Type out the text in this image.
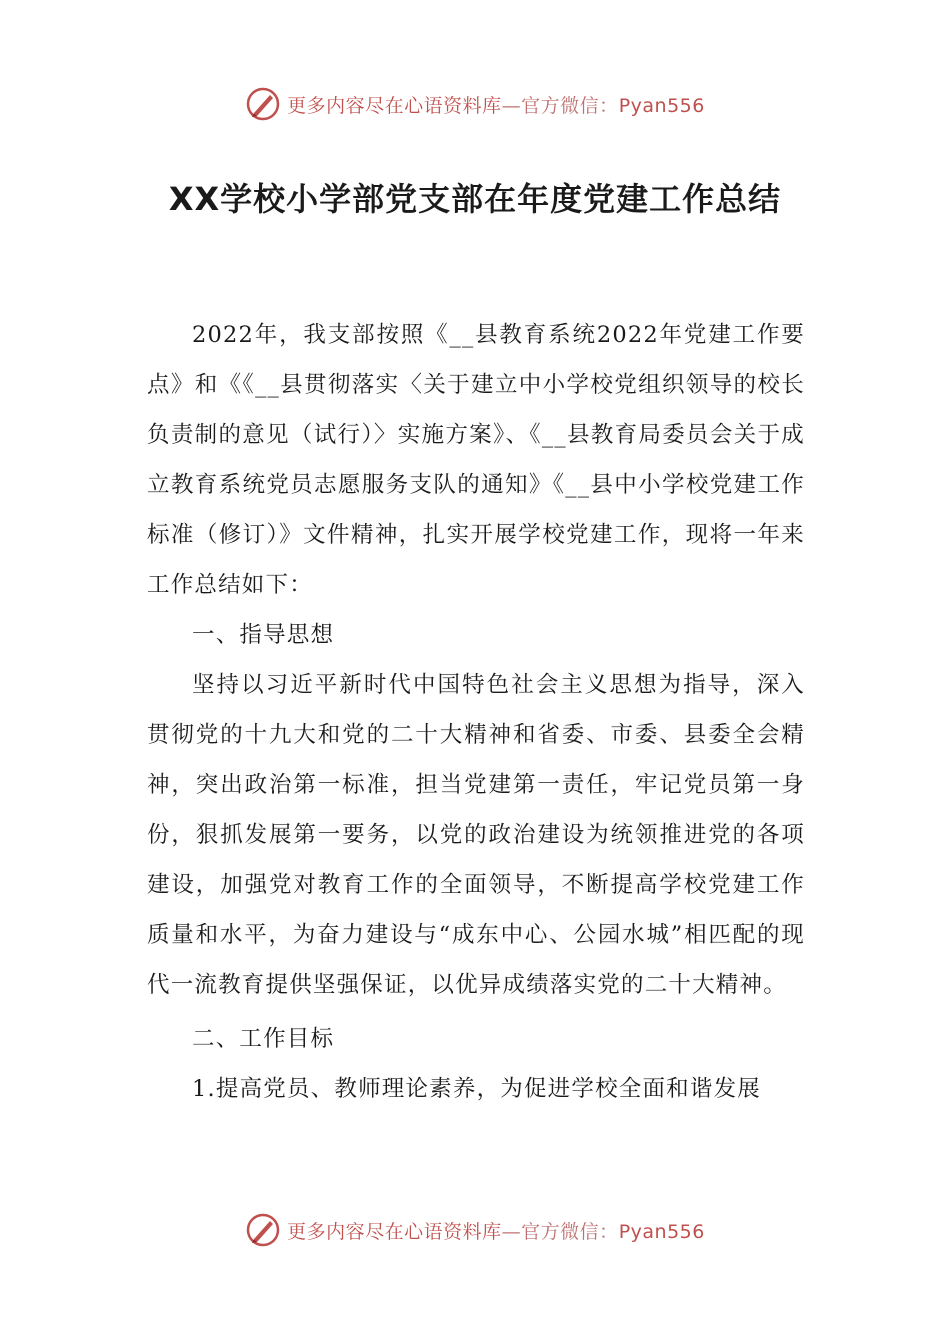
更多内容尽在心语资料库—官方微信：Pyan556
XX学校小学部党支部在年度党建工作总结

2022年，我支部按照《__县教育系统2022年党建工作要点》和《《__县贯彻落实〈关于建立中小学校党组织领导的校长负责制的意见（试行）〉实施方案》、《__县教育局委员会关于成立教育系统党员志愿服务支队的通知》《__县中小学校党建工作标准（修订）》文件精神，扎实开展学校党建工作，现将一年来工作总结如下：

一、指导思想

坚持以习近平新时代中国特色社会主义思想为指导，深入贯彻党的十九大和党的二十大精神和省委、市委、县委全会精神，突出政治第一标准，担当党建第一责任，牢记党员第一身份，狠抓发展第一要务，以党的政治建设为统领推进党的各项建设，加强党对教育工作的全面领导，不断提高学校党建工作质量和水平，为奋力建设与“成东中心、公园水城”相匹配的现代一流教育提供坚强保证，以优异成绩落实党的二十大精神。

二、工作目标

1.提高党员、教师理论素养，为促进学校全面和谐发展

更多内容尽在心语资料库—官方微信：Pyan556
